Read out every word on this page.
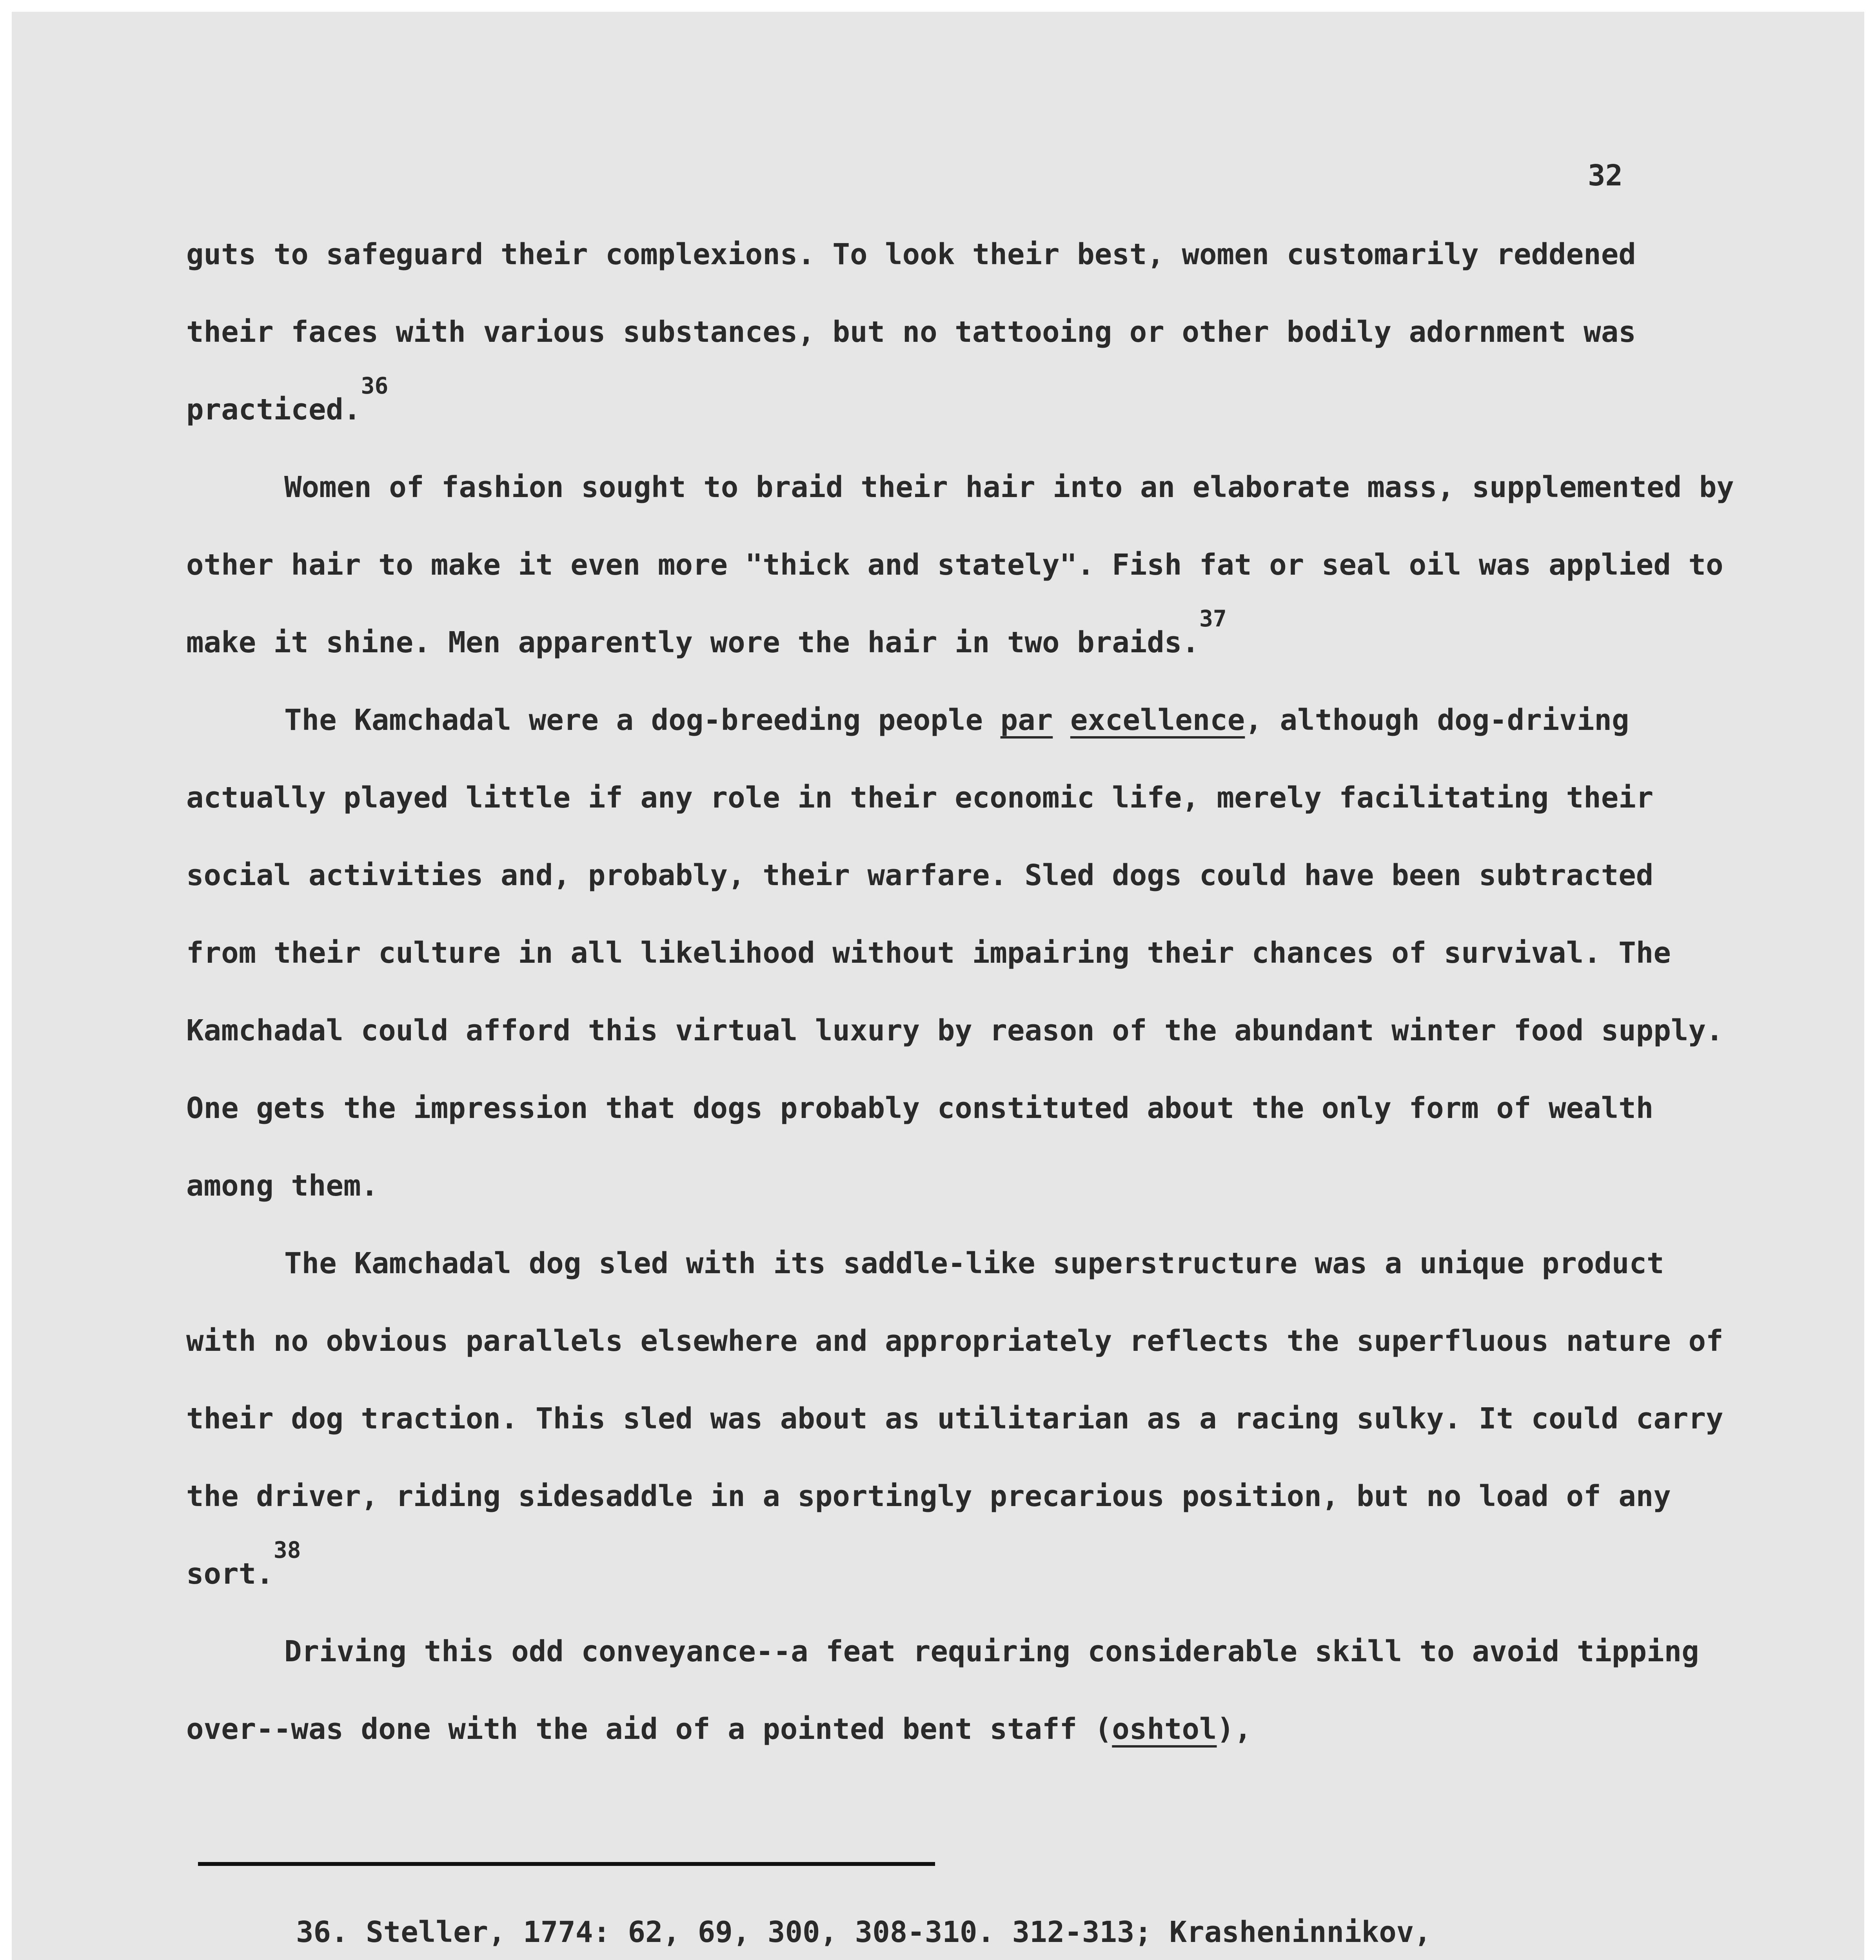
32

guts to safeguard their complexions. To look their best, women customarily reddened their faces with various substances, but no tattooing or other bodily adornment was practiced.$^{36}$

Women of fashion sought to braid their hair into an elaborate mass, supplemented by other hair to make it even more "thick and stately". Fish fat or seal oil was applied to make it shine. Men apparently wore the hair in two braids.$^{37}$

The Kamchadal were a dog-breeding people par excellence, although dog-driving actually played little if any role in their economic life, merely facilitating their social activities and, probably, their warfare. Sled dogs could have been subtracted from their culture in all likelihood without impairing their chances of survival. The Kamchadal could afford this virtual luxury by reason of the abundant winter food supply. One gets the impression that dogs probably constituted about the only form of wealth among them.

The Kamchadal dog sled with its saddle-like superstructure was a unique product with no obvious parallels elsewhere and appropriately reflects the superfluous nature of their dog traction. This sled was about as utilitarian as a racing sulky. It could carry the driver, riding sidesaddle in a sportingly precarious position, but no load of any sort.$^{38}$

Driving this odd conveyance--a feat requiring considerable skill to avoid tipping over--was done with the aid of a pointed bent staff (oshtol),

36. Steller, 1774: 62, 69, 300, 308-310. 312-313; Krasheninnikov,
